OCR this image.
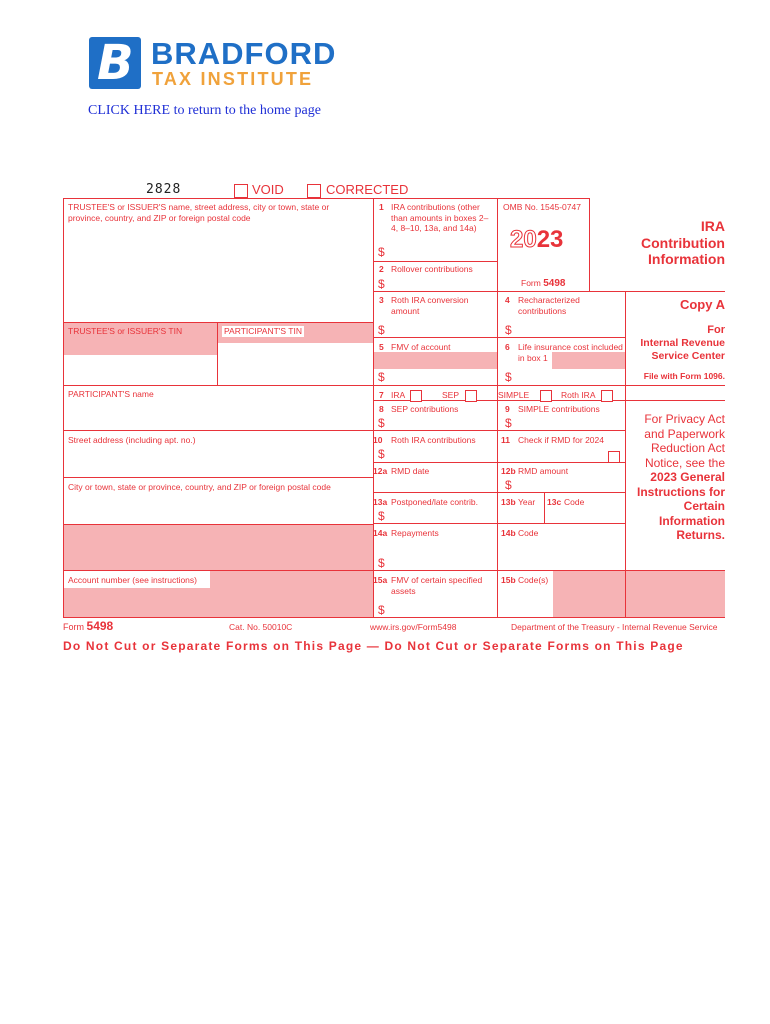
B BRADFORD
TAX INSTITUTE
CLICK HERE to return to the home page
2828	VOID	CORRECTED
TRUSTEE'S or ISSUER'S name, street address, city or town, state or province, country, and ZIP or foreign postal code
TRUSTEE'S or ISSUER'S TIN	PARTICIPANT'S TIN
PARTICIPANT'S name
Street address (including apt. no.)
City or town, state or province, country, and ZIP or foreign postal code
Account number (see instructions)
1 IRA contributions (other than amounts in boxes 2–4, 8–10, 13a, and 14a)
$
OMB No. 1545-0747
2023
Form 5498
2 Rollover contributions
$
3 Roth IRA conversion amount
$
4 Recharacterized contributions
$
5 FMV of account
$
6 Life insurance cost included in box 1
$
7 IRA	SEP	SIMPLE	Roth IRA
8 SEP contributions
$
9 SIMPLE contributions
$
10 Roth IRA contributions
$
11 Check if RMD for 2024
12a RMD date	12b RMD amount
$
13a Postponed/late contrib.
$
13b Year 13c Code
14a Repayments
$
14b Code
15a FMV of certain specified assets
$
15b Code(s)
IRA
Contribution
Information
Copy A
For
Internal Revenue Service Center
File with Form 1096.
For Privacy Act and Paperwork Reduction Act Notice, see the 2023 General Instructions for Certain Information Returns.
Form 5498	Cat. No. 50010C	www.irs.gov/Form5498	Department of the Treasury - Internal Revenue Service
Do Not Cut or Separate Forms on This Page — Do Not Cut or Separate Forms on This Page
